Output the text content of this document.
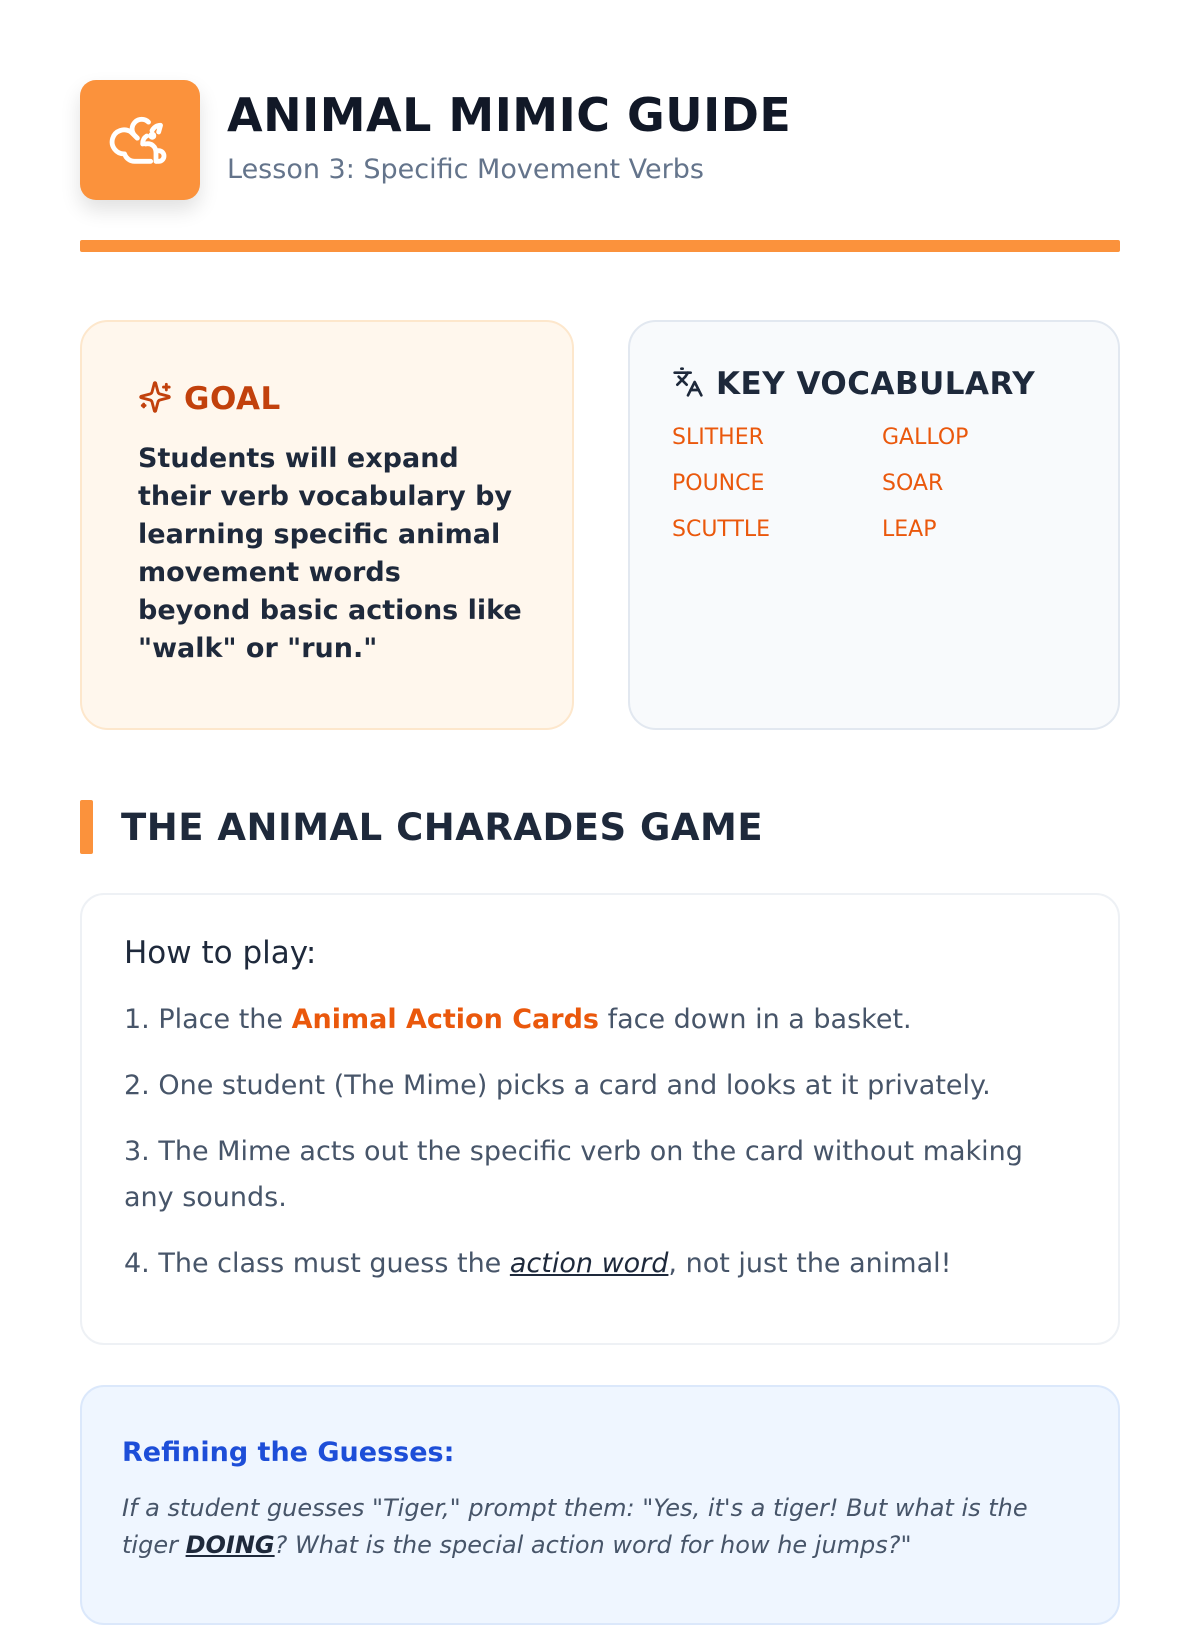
ANIMAL MIMIC GUIDE
Lesson 3: Specific Movement Verbs
GOAL
Students will expand their verb vocabulary by learning specific animal movement words beyond basic actions like "walk" or "run."
KEY VOCABULARY
SLITHER	GALLOP
POUNCE	SOAR
SCUTTLE	LEAP
THE ANIMAL CHARADES GAME
How to play:
1. Place the Animal Action Cards face down in a basket.
2. One student (The Mime) picks a card and looks at it privately.
3. The Mime acts out the specific verb on the card without making any sounds.
4. The class must guess the action word, not just the animal!
Refining the Guesses:
If a student guesses "Tiger," prompt them: "Yes, it's a tiger! But what is the tiger DOING? What is the special action word for how he jumps?"
